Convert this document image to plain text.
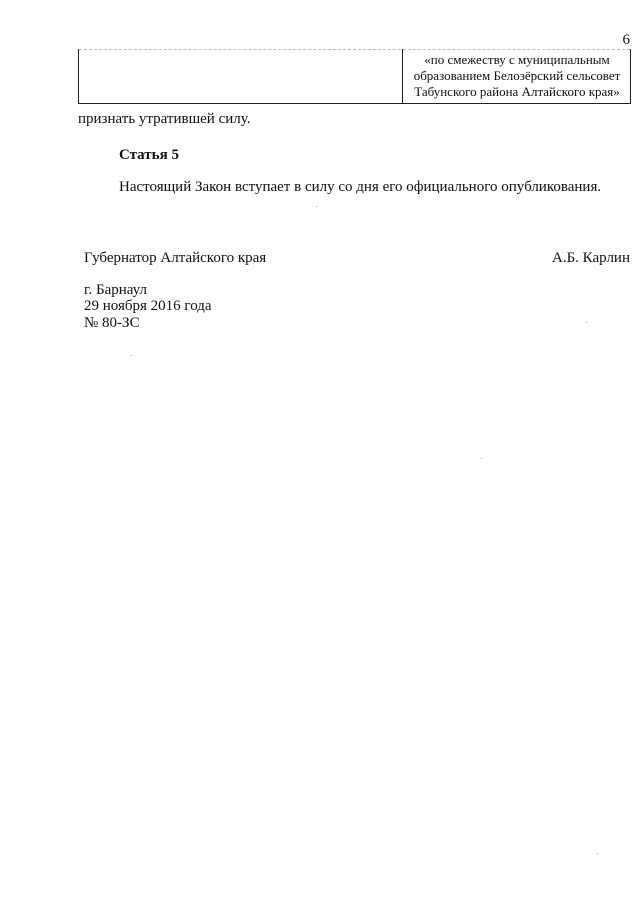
6
«по смежеству с муниципальным
образованием Белозёрский сельсовет
Табунского района Алтайского края»
признать утратившей силу.
Статья 5
Настоящий Закон вступает в силу со дня его официального опубликования.
Губернатор Алтайского края	А.Б. Карлин
г. Барнаул
29 ноября 2016 года
№ 80-ЗС
